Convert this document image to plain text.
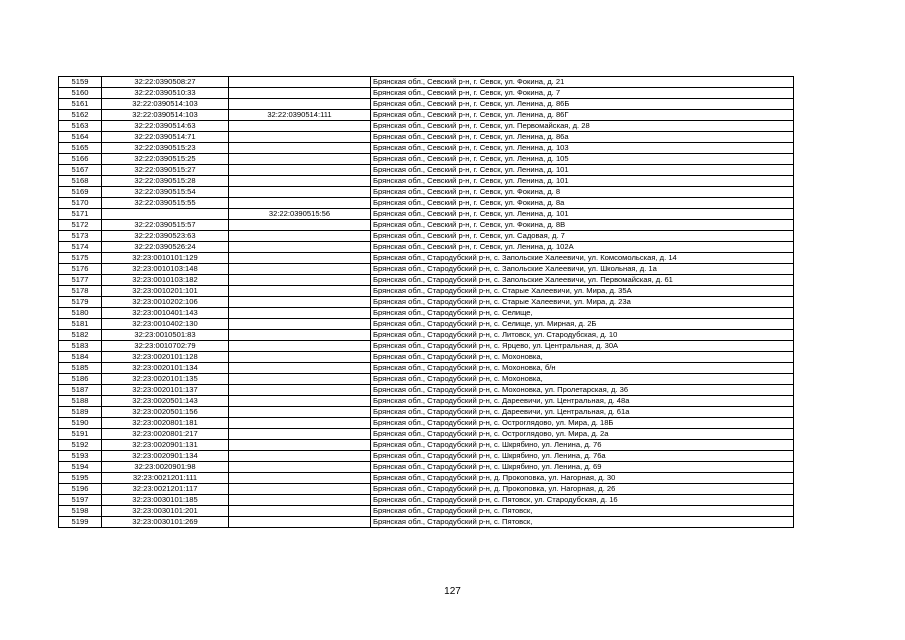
5159	32:22:0390508:27		Брянская обл., Севский р-н, г. Севск, ул. Фокина, д. 21
5160	32:22:0390510:33		Брянская обл., Севский р-н, г. Севск, ул. Фокина, д. 7
5161	32:22:0390514:103		Брянская обл., Севский р-н, г. Севск, ул. Ленина, д. 86Б
5162	32:22:0390514:103	32:22:0390514:111	Брянская обл., Севский р-н, г. Севск, ул. Ленина, д. 86Г
5163	32:22:0390514:63		Брянская обл., Севский р-н, г. Севск, ул. Первомайская, д. 28
5164	32:22:0390514:71		Брянская обл., Севский р-н, г. Севск, ул. Ленина, д. 86а
5165	32:22:0390515:23		Брянская обл., Севский р-н, г. Севск, ул. Ленина, д. 103
5166	32:22:0390515:25		Брянская обл., Севский р-н, г. Севск, ул. Ленина, д. 105
5167	32:22:0390515:27		Брянская обл., Севский р-н, г. Севск, ул. Ленина, д. 101
5168	32:22:0390515:28		Брянская обл., Севский р-н, г. Севск, ул. Ленина, д. 101
5169	32:22:0390515:54		Брянская обл., Севский р-н, г. Севск, ул. Фокина, д. 8
5170	32:22:0390515:55		Брянская обл., Севский р-н, г. Севск, ул. Фокина, д. 8а
5171		32:22:0390515:56	Брянская обл., Севский р-н, г. Севск, ул. Ленина, д. 101
5172	32:22:0390515:57		Брянская обл., Севский р-н, г. Севск, ул. Фокина, д. 8В
5173	32:22:0390523:63		Брянская обл., Севский р-н, г. Севск, ул. Садовая, д. 7
5174	32:22:0390526:24		Брянская обл., Севский р-н, г. Севск, ул. Ленина, д. 102А
5175	32:23:0010101:129		Брянская обл., Стародубский р-н, с. Запольские Халеевичи, ул. Комсомольская, д. 14
5176	32:23:0010103:148		Брянская обл., Стародубский р-н, с. Запольские Халеевичи, ул. Школьная, д. 1а
5177	32:23:0010103:182		Брянская обл., Стародубский р-н, с. Запольские Халеевичи, ул. Первомайская, д. 61
5178	32:23:0010201:101		Брянская обл., Стародубский р-н, с. Старые Халеевичи, ул. Мира, д. 35А
5179	32:23:0010202:106		Брянская обл., Стародубский р-н, с. Старые Халеевичи, ул. Мира, д. 23а
5180	32:23:0010401:143		Брянская обл., Стародубский р-н, с. Селище,
5181	32:23:0010402:130		Брянская обл., Стародубский р-н, с. Селище, ул. Мирная, д. 2Б
5182	32:23:0010501:83		Брянская обл., Стародубский р-н, с. Литовск, ул. Стародубская, д. 10
5183	32:23:0010702:79		Брянская обл., Стародубский р-н, с. Ярцево, ул. Центральная, д. 30А
5184	32:23:0020101:128		Брянская обл., Стародубский р-н, с. Мохоновка,
5185	32:23:0020101:134		Брянская обл., Стародубский р-н, с. Мохоновка, б/н
5186	32:23:0020101:135		Брянская обл., Стародубский р-н, с. Мохоновка,
5187	32:23:0020101:137		Брянская обл., Стародубский р-н, с. Мохоновка, ул. Пролетарская, д. 36
5188	32:23:0020501:143		Брянская обл., Стародубский р-н, с. Дареевичи, ул. Центральная, д. 48а
5189	32:23:0020501:156		Брянская обл., Стародубский р-н, с. Дареевичи, ул. Центральная, д. 61а
5190	32:23:0020801:181		Брянская обл., Стародубский р-н, с. Остроглядово, ул. Мира, д. 18Б
5191	32:23:0020801:217		Брянская обл., Стародубский р-н, с. Остроглядово, ул. Мира, д. 2а
5192	32:23:0020901:131		Брянская обл., Стародубский р-н, с. Шкрябино, ул. Ленина, д. 76
5193	32:23:0020901:134		Брянская обл., Стародубский р-н, с. Шкрябино, ул. Ленина, д. 76а
5194	32:23:0020901:98		Брянская обл., Стародубский р-н, с. Шкрябино, ул. Ленина, д. 69
5195	32:23:0021201:111		Брянская обл., Стародубский р-н, д. Прокоповка, ул. Нагорная, д. 30
5196	32:23:0021201:117		Брянская обл., Стародубский р-н, д. Прокоповка, ул. Нагорная, д. 26
5197	32:23:0030101:185		Брянская обл., Стародубский р-н, с. Пятовск, ул. Стародубская, д. 16
5198	32:23:0030101:201		Брянская обл., Стародубский р-н, с. Пятовск,
5199	32:23:0030101:269		Брянская обл., Стародубский р-н, с. Пятовск,
127
